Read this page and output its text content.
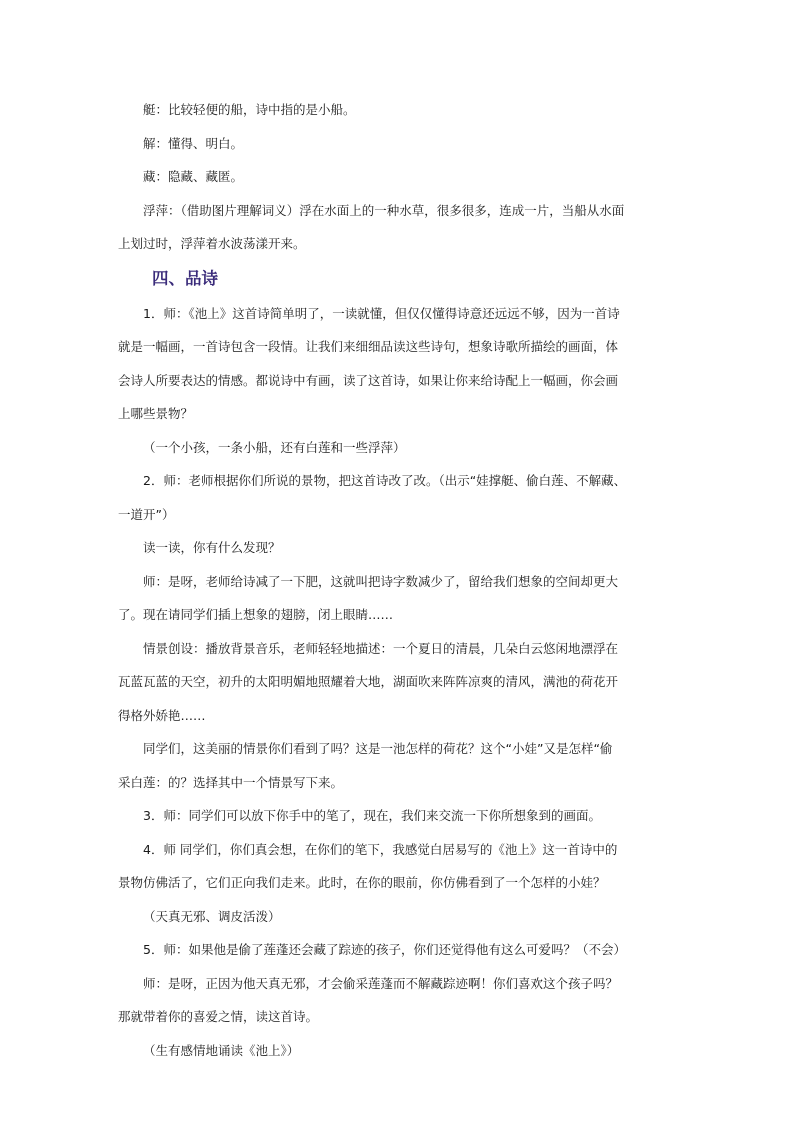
艇：比较轻便的船，诗中指的是小船。
解：懂得、明白。
藏：隐藏、藏匿。
浮萍：（借助图片理解词义）浮在水面上的一种水草，很多很多，连成一片，当船从水面
上划过时，浮萍着水波荡漾开来。
四、品诗
1．师：《池上》这首诗简单明了，一读就懂，但仅仅懂得诗意还远远不够，因为一首诗
就是一幅画，一首诗包含一段情。让我们来细细品读这些诗句，想象诗歌所描绘的画面，体
会诗人所要表达的情感。都说诗中有画，读了这首诗，如果让你来给诗配上一幅画，你会画
上哪些景物？
（一个小孩，一条小船，还有白莲和一些浮萍）
2．师：老师根据你们所说的景物，把这首诗改了改。（出示“娃撑艇、偷白莲、不解藏、
一道开”）
读一读，你有什么发现？
师：是呀，老师给诗减了一下肥，这就叫把诗字数减少了，留给我们想象的空间却更大
了。现在请同学们插上想象的翅膀，闭上眼睛……
情景创设：播放背景音乐，老师轻轻地描述：一个夏日的清晨，几朵白云悠闲地漂浮在
瓦蓝瓦蓝的天空，初升的太阳明媚地照耀着大地，湖面吹来阵阵凉爽的清风，满池的荷花开
得格外娇艳……
同学们，这美丽的情景你们看到了吗？这是一池怎样的荷花？这个“小娃”又是怎样“偷
采白莲：的？选择其中一个情景写下来。
3．师：同学们可以放下你手中的笔了，现在，我们来交流一下你所想象到的画面。
4．师 同学们，你们真会想，在你们的笔下，我感觉白居易写的《池上》这一首诗中的
景物仿佛活了，它们正向我们走来。此时，在你的眼前，你仿佛看到了一个怎样的小娃？
（天真无邪、调皮活泼）
5．师：如果他是偷了莲蓬还会藏了踪迹的孩子，你们还觉得他有这么可爱吗？（不会）
师：是呀，正因为他天真无邪，才会偷采莲蓬而不解藏踪迹啊！你们喜欢这个孩子吗？
那就带着你的喜爱之情，读这首诗。
（生有感情地诵读《池上》）
